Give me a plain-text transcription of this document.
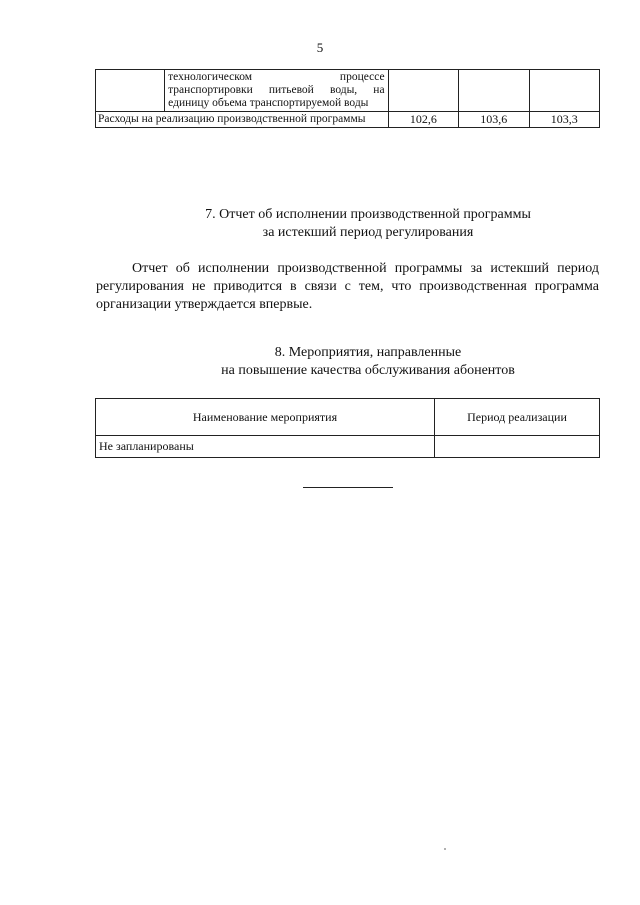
5
	технологическом процессе транспортировки питьевой воды, на единицу объема транспортируемой воды			
Расходы на реализацию производственной программы		102,6	103,6	103,3
7. Отчет об исполнении производственной программы
за истекший период регулирования
Отчет об исполнении производственной программы за истекший период регулирования не приводится в связи с тем, что производственная программа организации утверждается впервые.
8. Мероприятия, направленные
на повышение качества обслуживания абонентов
Наименование мероприятия	Период реализации
Не запланированы	
